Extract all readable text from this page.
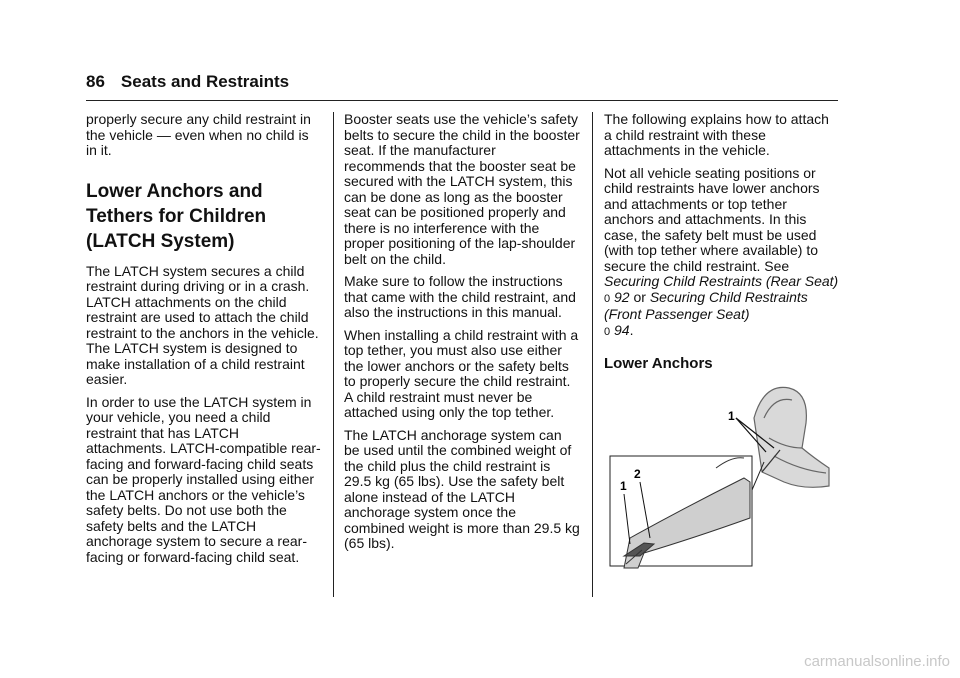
86 Seats and Restraints

properly secure any child restraint in the vehicle — even when no child is in it.

Lower Anchors and
Tethers for Children
(LATCH System)

The LATCH system secures a child restraint during driving or in a crash. LATCH attachments on the child restraint are used to attach the child restraint to the anchors in the vehicle. The LATCH system is designed to make installation of a child restraint easier.

In order to use the LATCH system in your vehicle, you need a child restraint that has LATCH attachments. LATCH-compatible rear-facing and forward-facing child seats can be properly installed using either the LATCH anchors or the vehicle’s safety belts. Do not use both the safety belts and the LATCH anchorage system to secure a rear-facing or forward-facing child seat.

Booster seats use the vehicle’s safety belts to secure the child in the booster seat. If the manufacturer recommends that the booster seat be secured with the LATCH system, this can be done as long as the booster seat can be positioned properly and there is no interference with the proper positioning of the lap-shoulder belt on the child.

Make sure to follow the instructions that came with the child restraint, and also the instructions in this manual.

When installing a child restraint with a top tether, you must also use either the lower anchors or the safety belts to properly secure the child restraint. A child restraint must never be attached using only the top tether.

The LATCH anchorage system can be used until the combined weight of the child plus the child restraint is 29.5 kg (65 lbs). Use the safety belt alone instead of the LATCH anchorage system once the combined weight is more than 29.5 kg (65 lbs).

The following explains how to attach a child restraint with these attachments in the vehicle.

Not all vehicle seating positions or child restraints have lower anchors and attachments or top tether anchors and attachments. In this case, the safety belt must be used (with top tether where available) to secure the child restraint. See Securing Child Restraints (Rear Seat) 0 92 or Securing Child Restraints (Front Passenger Seat)
0 94.

Lower Anchors
1
2
1
carmanualsonline.info
